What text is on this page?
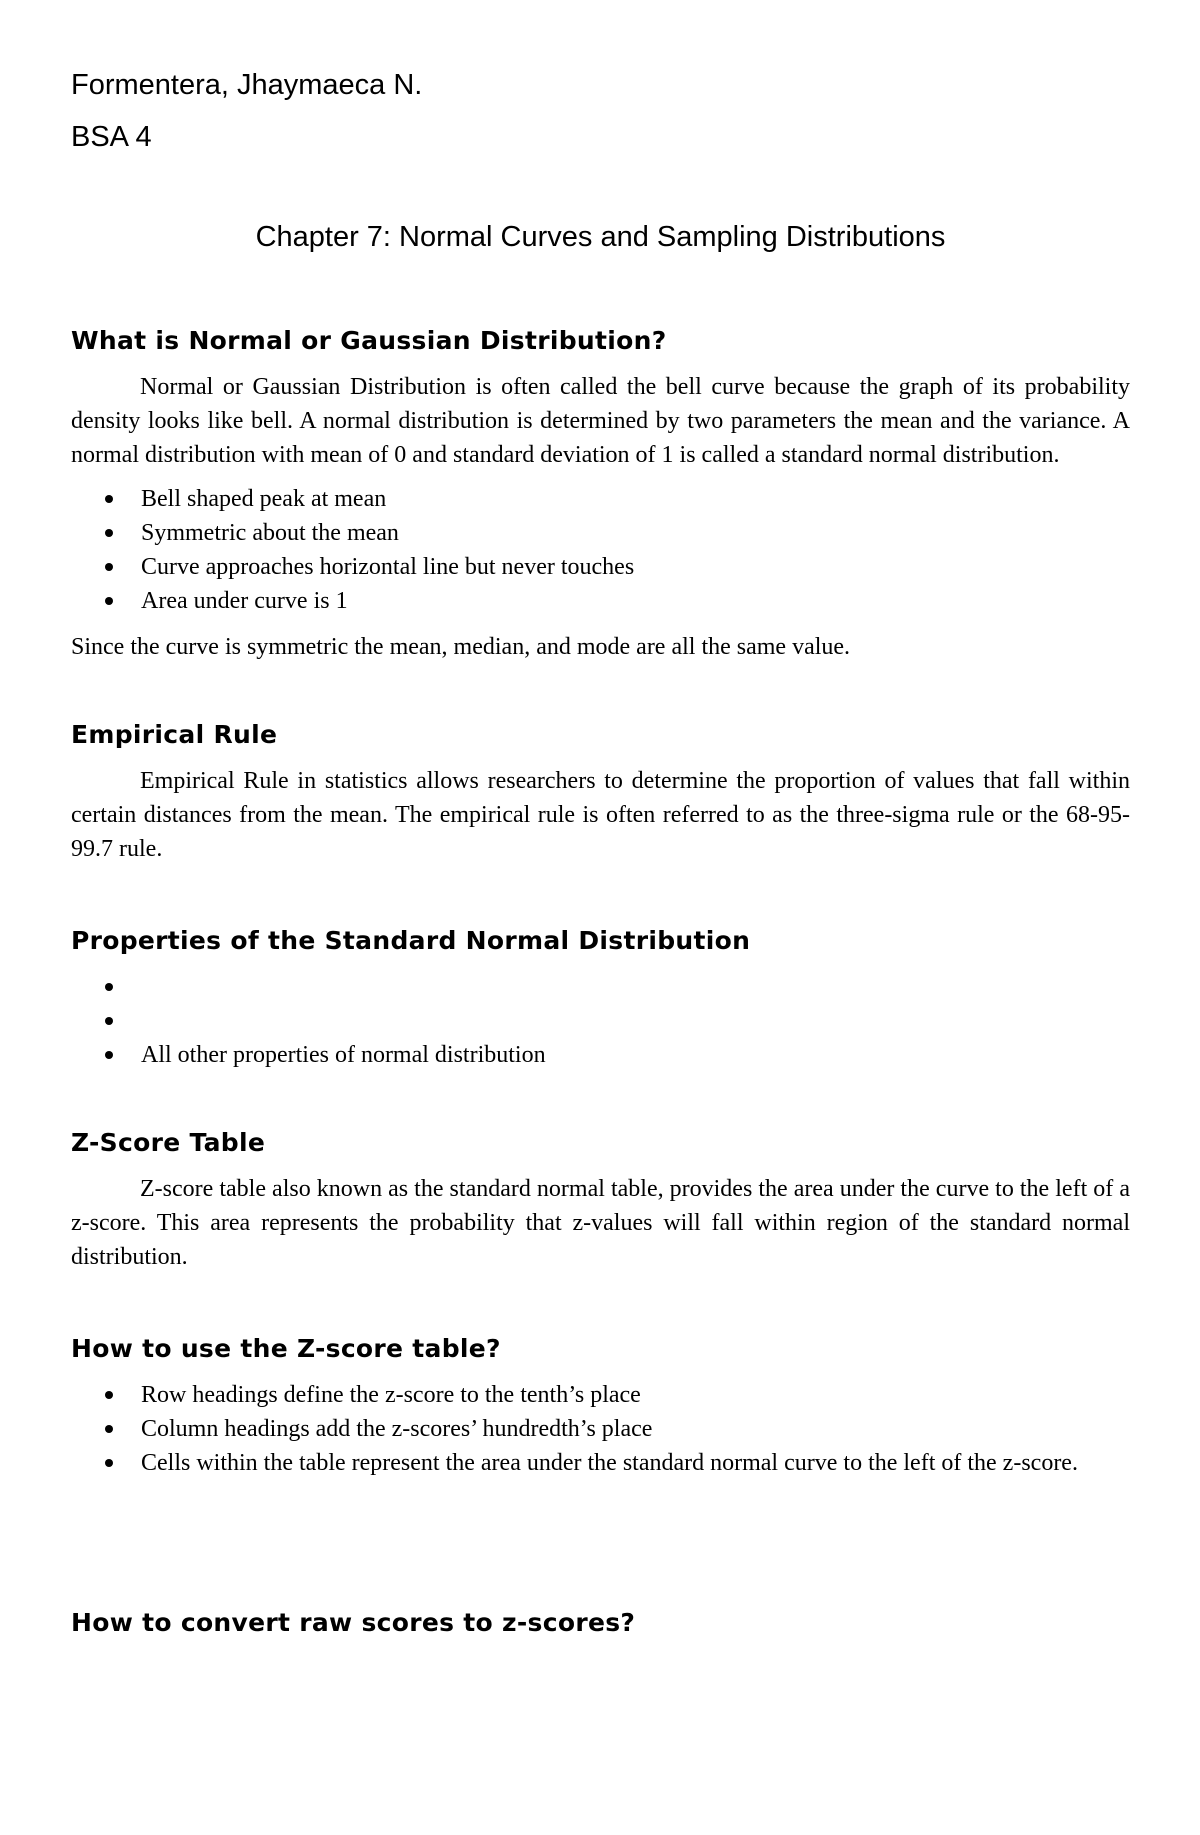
Formentera, Jhaymaeca N.

BSA 4

Chapter 7: Normal Curves and Sampling Distributions

What is Normal or Gaussian Distribution?

Normal or Gaussian Distribution is often called the bell curve because the graph of its probability density looks like bell. A normal distribution is determined by two parameters the mean and the variance. A normal distribution with mean of 0 and standard deviation of 1 is called a standard normal distribution.

Bell shaped peak at mean
Symmetric about the mean
Curve approaches horizontal line but never touches
Area under curve is 1

Since the curve is symmetric the mean, median, and mode are all the same value.

Empirical Rule

Empirical Rule in statistics allows researchers to determine the proportion of values that fall within certain distances from the mean. The empirical rule is often referred to as the three-sigma rule or the 68-95-99.7 rule.

Properties of the Standard Normal Distribution
All other properties of normal distribution
Z-Score Table

Z-score table also known as the standard normal table, provides the area under the curve to the left of a z-score. This area represents the probability that z-values will fall within region of the standard normal distribution.

How to use the Z-score table?
Row headings define the z-score to the tenth’s place
Column headings add the z-scores’ hundredth’s place
Cells within the table represent the area under the standard normal curve to the left of the z-score.
How to convert raw scores to z-scores?
